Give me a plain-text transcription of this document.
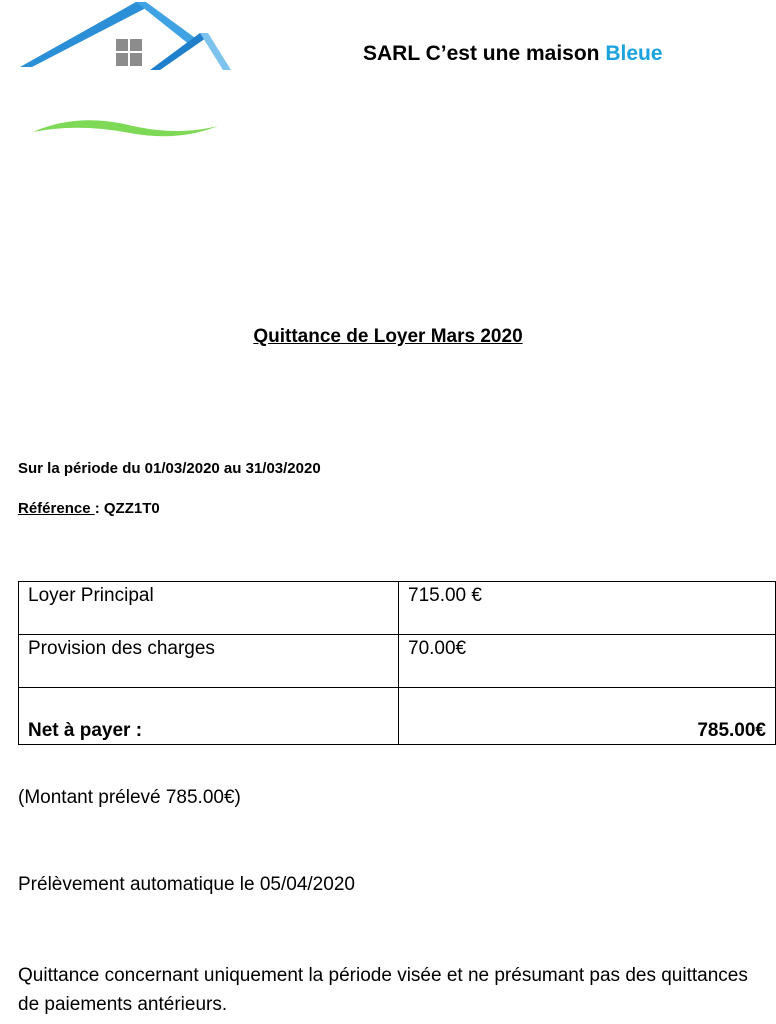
SARL C’est une maison Bleue
Quittance de Loyer Mars 2020
Sur la période du 01/03/2020 au 31/03/2020
Référence : QZZ1T0
Loyer Principal	715.00 €
Provision des charges	70.00€
Net à payer :	785.00€
(Montant prélevé 785.00€)
Prélèvement automatique le 05/04/2020
Quittance concernant uniquement la période visée et ne présumant pas des quittances de paiements antérieurs.
